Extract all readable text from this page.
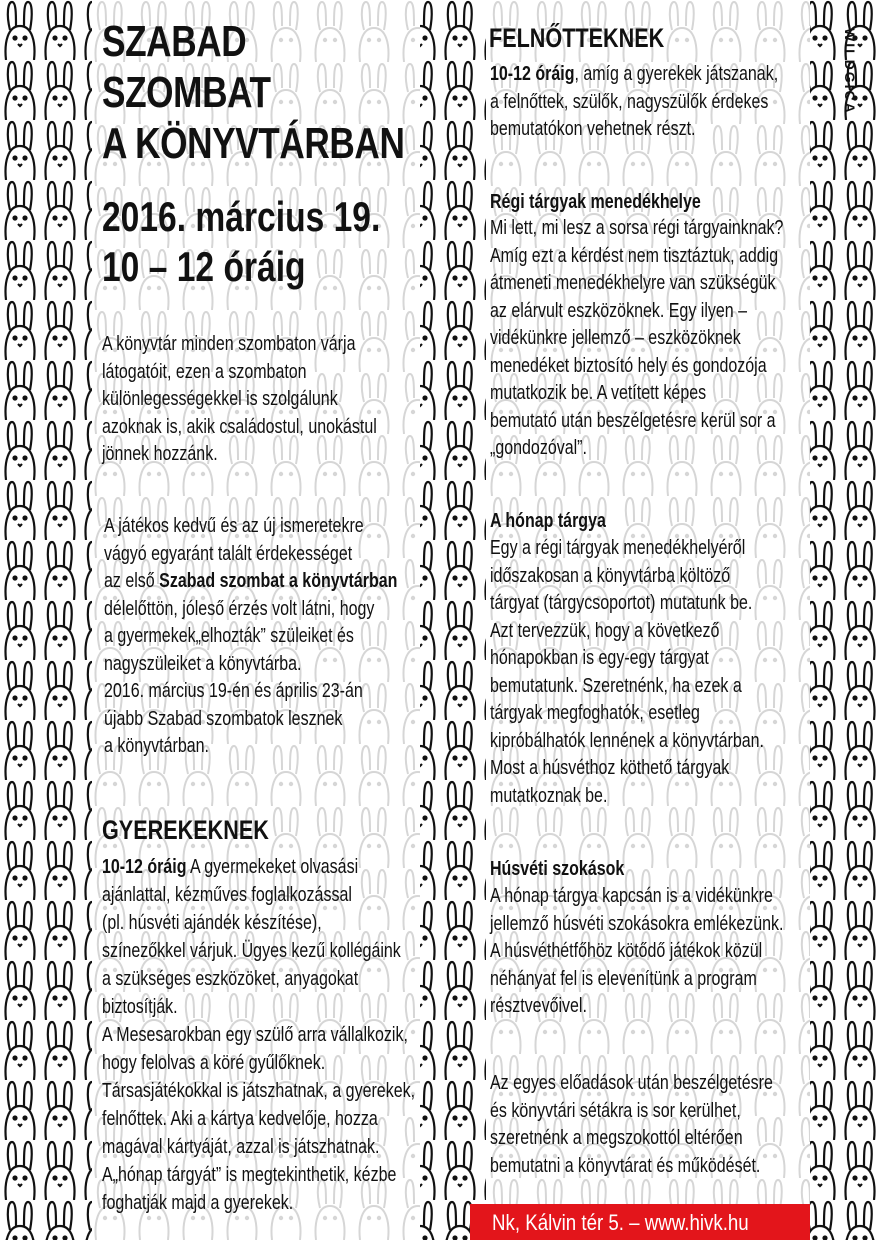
WILDGICA
SZABAD
SZOMBAT
A KÖNYVTÁRBAN
2016. március 19.
10 – 12 óráig
A könyvtár minden szombaton várja
látogatóit, ezen a szombaton
különlegességekkel is szolgálunk
azoknak is, akik családostul, unokástul
jönnek hozzánk.
A játékos kedvű és az új ismeretekre
vágyó egyaránt talált érdekességet
az első Szabad szombat a könyvtárban
délelőttön, jóleső érzés volt látni, hogy
a gyermekek„elhozták” szüleiket és
nagyszüleiket a könyvtárba.
2016. március 19-én és április 23-án
újabb Szabad szombatok lesznek
a könyvtárban.
GYEREKEKNEK
10-12 óráig A gyermekeket olvasási
ajánlattal, kézműves foglalkozással
(pl. húsvéti ajándék készítése),
színezőkkel várjuk. Ügyes kezű kollégáink
a szükséges eszközöket, anyagokat
biztosítják.
A Mesesarokban egy szülő arra vállalkozik,
hogy felolvas a köré gyűlőknek.
Társasjátékokkal is játszhatnak, a gyerekek,
felnőttek. Aki a kártya kedvelője, hozza
magával kártyáját, azzal is játszhatnak.
A„hónap tárgyát” is megtekinthetik, kézbe
foghatják majd a gyerekek.
FELNŐTTEKNEK
10-12 óráig, amíg a gyerekek játszanak,
a felnőttek, szülők, nagyszülők érdekes
bemutatókon vehetnek részt.
Régi tárgyak menedékhelye
Mi lett, mi lesz a sorsa régi tárgyainknak?
Amíg ezt a kérdést nem tisztáztuk, addig
átmeneti menedékhelyre van szükségük
az elárvult eszközöknek. Egy ilyen –
vidékünkre jellemző – eszközöknek
menedéket biztosító hely és gondozója
mutatkozik be. A vetített képes
bemutató után beszélgetésre kerül sor a
„gondozóval”.
A hónap tárgya
Egy a régi tárgyak menedékhelyéről
időszakosan a könyvtárba költöző
tárgyat (tárgycsoportot) mutatunk be.
Azt tervezzük, hogy a következő
hónapokban is egy-egy tárgyat
bemutatunk. Szeretnénk, ha ezek a
tárgyak megfoghatók, esetleg
kipróbálhatók lennének a könyvtárban.
Most a húsvéthoz köthető tárgyak
mutatkoznak be.
Húsvéti szokások
A hónap tárgya kapcsán is a vidékünkre
jellemző húsvéti szokásokra emlékezünk.
A húsvéthétfőhöz kötődő játékok közül
néhányat fel is elevenítünk a program
résztvevőivel.
Az egyes előadások után beszélgetésre
és könyvtári sétákra is sor kerülhet,
szeretnénk a megszokottól eltérően
bemutatni a könyvtárat és működését.
Nk, Kálvin tér 5. – www.hivk.hu
